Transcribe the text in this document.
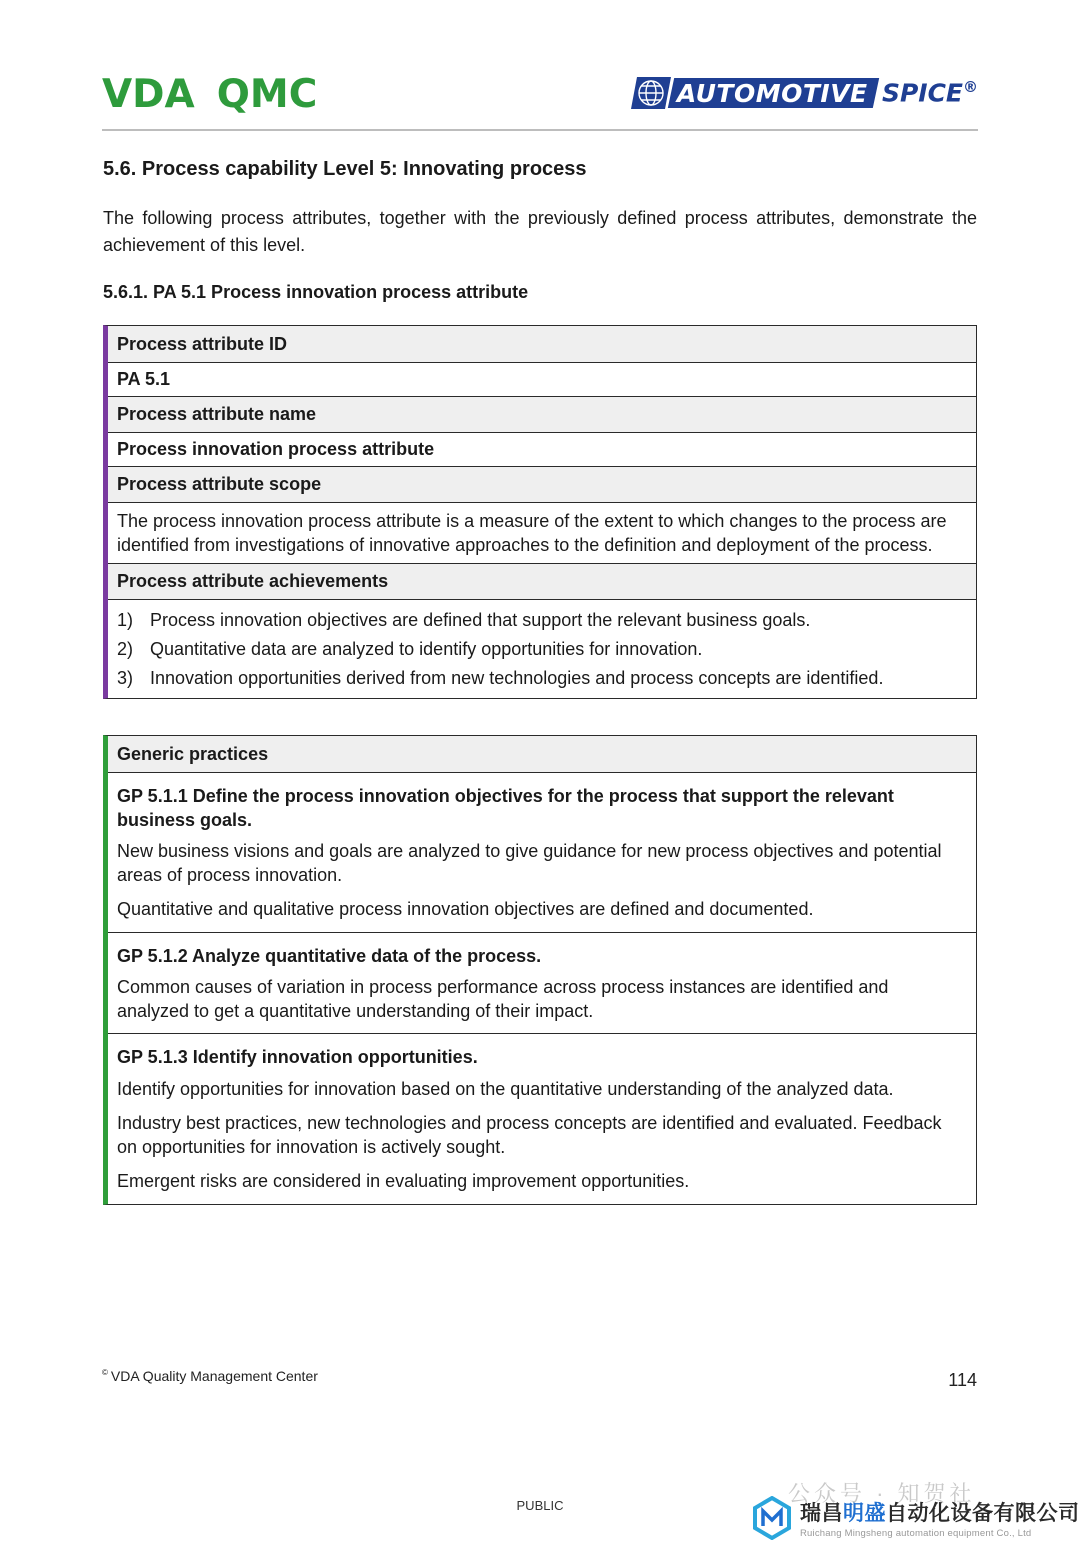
VDA QMC	AUTOMOTIVE SPICE®
5.6. Process capability Level 5: Innovating process
The following process attributes, together with the previously defined process attributes, demonstrate the achievement of this level.
5.6.1. PA 5.1 Process innovation process attribute
Process attribute ID
PA 5.1
Process attribute name
Process innovation process attribute
Process attribute scope
The process innovation process attribute is a measure of the extent to which changes to the process are identified from investigations of innovative approaches to the definition and deployment of the process.
Process attribute achievements
1) Process innovation objectives are defined that support the relevant business goals.
2) Quantitative data are analyzed to identify opportunities for innovation.
3) Innovation opportunities derived from new technologies and process concepts are identified.
Generic practices
GP 5.1.1 Define the process innovation objectives for the process that support the relevant business goals.
New business visions and goals are analyzed to give guidance for new process objectives and potential areas of process innovation.
Quantitative and qualitative process innovation objectives are defined and documented.
GP 5.1.2 Analyze quantitative data of the process.
Common causes of variation in process performance across process instances are identified and analyzed to get a quantitative understanding of their impact.
GP 5.1.3 Identify innovation opportunities.
Identify opportunities for innovation based on the quantitative understanding of the analyzed data.
Industry best practices, new technologies and process concepts are identified and evaluated. Feedback on opportunities for innovation is actively sought.
Emergent risks are considered in evaluating improvement opportunities.
© VDA Quality Management Center	114
PUBLIC	公众号 · 知贺社
瑞昌明盛自动化设备有限公司
Ruichang Mingsheng automation equipment Co., Ltd
